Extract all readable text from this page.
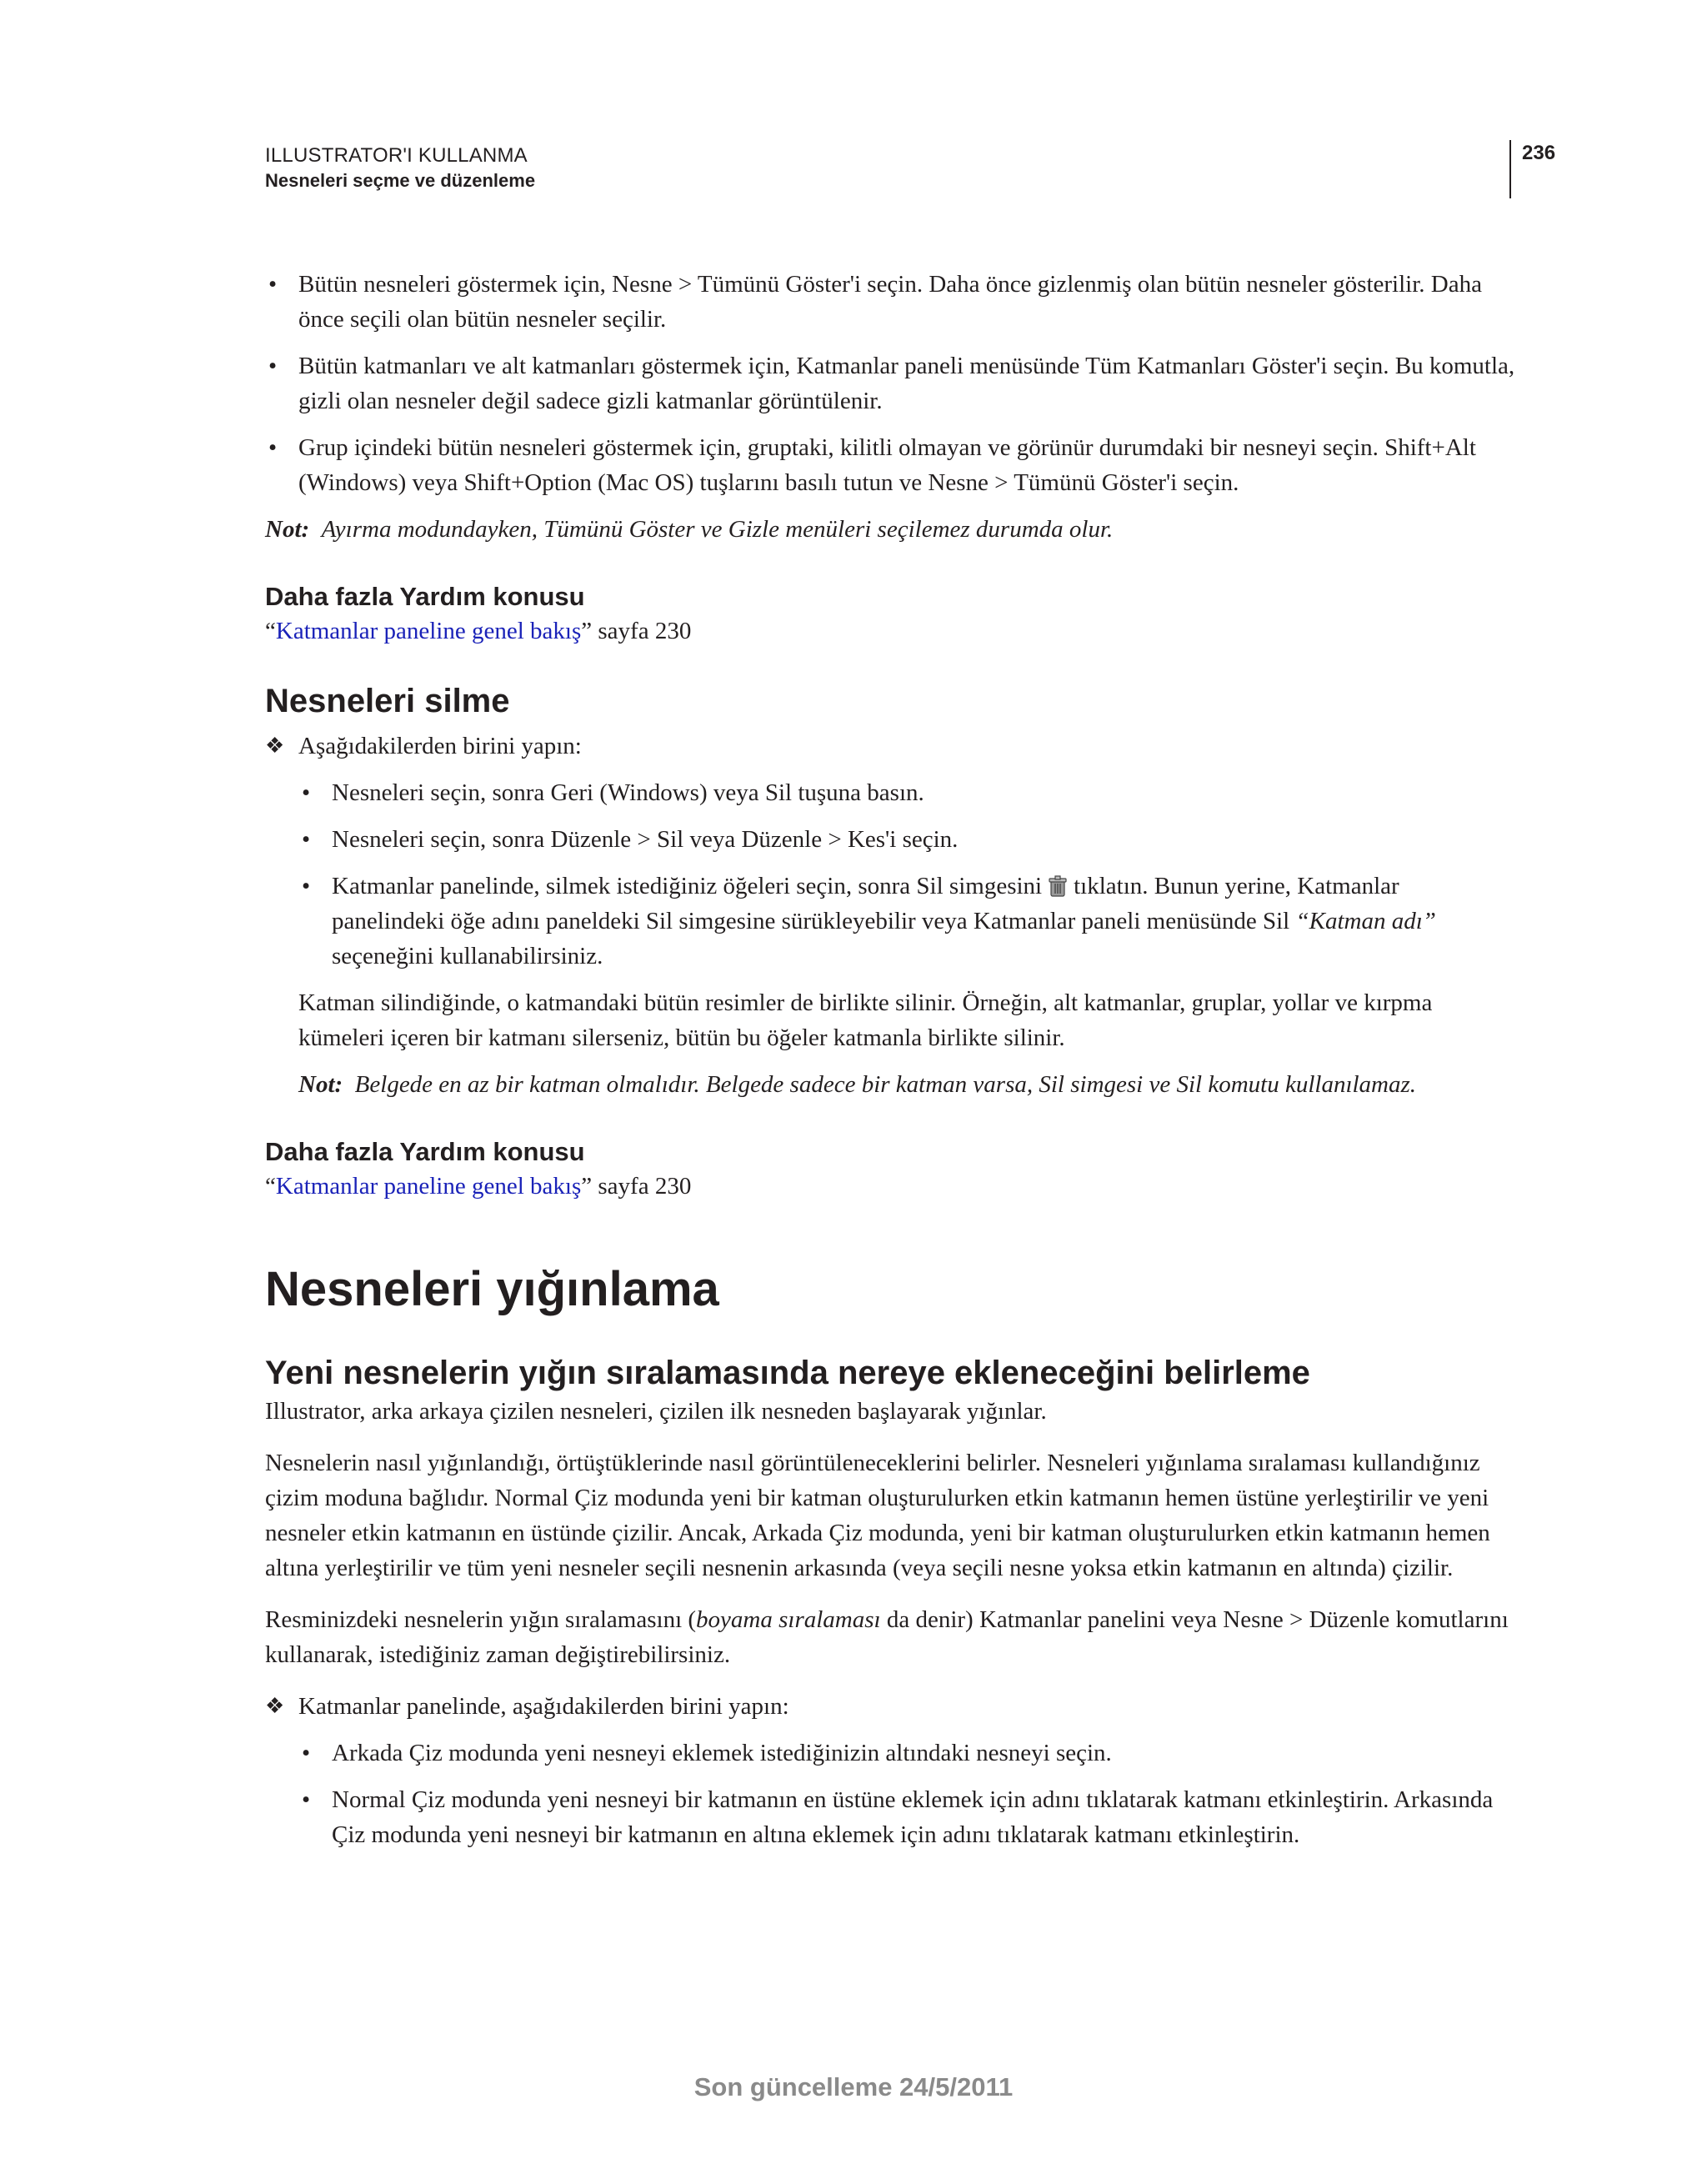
ILLUSTRATOR'I KULLANMA
Nesneleri seçme ve düzenleme
236

• Bütün nesneleri göstermek için, Nesne > Tümünü Göster'i seçin. Daha önce gizlenmiş olan bütün nesneler gösterilir. Daha önce seçili olan bütün nesneler seçilir.

• Bütün katmanları ve alt katmanları göstermek için, Katmanlar paneli menüsünde Tüm Katmanları Göster'i seçin. Bu komutla, gizli olan nesneler değil sadece gizli katmanlar görüntülenir.

• Grup içindeki bütün nesneleri göstermek için, gruptaki, kilitli olmayan ve görünür durumdaki bir nesneyi seçin. Shift+Alt (Windows) veya Shift+Option (Mac OS) tuşlarını basılı tutun ve Nesne > Tümünü Göster'i seçin.

Not: Ayırma modundayken, Tümünü Göster ve Gizle menüleri seçilemez durumda olur.

Daha fazla Yardım konusu

“Katmanlar paneline genel bakış” sayfa 230

Nesneleri silme

❖ Aşağıdakilerden birini yapın:

• Nesneleri seçin, sonra Geri (Windows) veya Sil tuşuna basın.

• Nesneleri seçin, sonra Düzenle > Sil veya Düzenle > Kes'i seçin.

• Katmanlar panelinde, silmek istediğiniz öğeleri seçin, sonra Sil simgesini tıklatın. Bunun yerine, Katmanlar panelindeki öğe adını paneldeki Sil simgesine sürükleyebilir veya Katmanlar paneli menüsünde Sil “Katman adı” seçeneğini kullanabilirsiniz.

Katman silindiğinde, o katmandaki bütün resimler de birlikte silinir. Örneğin, alt katmanlar, gruplar, yollar ve kırpma kümeleri içeren bir katmanı silerseniz, bütün bu öğeler katmanla birlikte silinir.

Not: Belgede en az bir katman olmalıdır. Belgede sadece bir katman varsa, Sil simgesi ve Sil komutu kullanılamaz.

Daha fazla Yardım konusu

“Katmanlar paneline genel bakış” sayfa 230

Nesneleri yığınlama

Yeni nesnelerin yığın sıralamasında nereye ekleneceğini belirleme

Illustrator, arka arkaya çizilen nesneleri, çizilen ilk nesneden başlayarak yığınlar.

Nesnelerin nasıl yığınlandığı, örtüştüklerinde nasıl görüntüleneceklerini belirler. Nesneleri yığınlama sıralaması kullandığınız çizim moduna bağlıdır. Normal Çiz modunda yeni bir katman oluşturulurken etkin katmanın hemen üstüne yerleştirilir ve yeni nesneler etkin katmanın en üstünde çizilir. Ancak, Arkada Çiz modunda, yeni bir katman oluşturulurken etkin katmanın hemen altına yerleştirilir ve tüm yeni nesneler seçili nesnenin arkasında (veya seçili nesne yoksa etkin katmanın en altında) çizilir.

Resminizdeki nesnelerin yığın sıralamasını (boyama sıralaması da denir) Katmanlar panelini veya Nesne > Düzenle komutlarını kullanarak, istediğiniz zaman değiştirebilirsiniz.

❖ Katmanlar panelinde, aşağıdakilerden birini yapın:

• Arkada Çiz modunda yeni nesneyi eklemek istediğinizin altındaki nesneyi seçin.

• Normal Çiz modunda yeni nesneyi bir katmanın en üstüne eklemek için adını tıklatarak katmanı etkinleştirin. Arkasında Çiz modunda yeni nesneyi bir katmanın en altına eklemek için adını tıklatarak katmanı etkinleştirin.

Son güncelleme 24/5/2011
